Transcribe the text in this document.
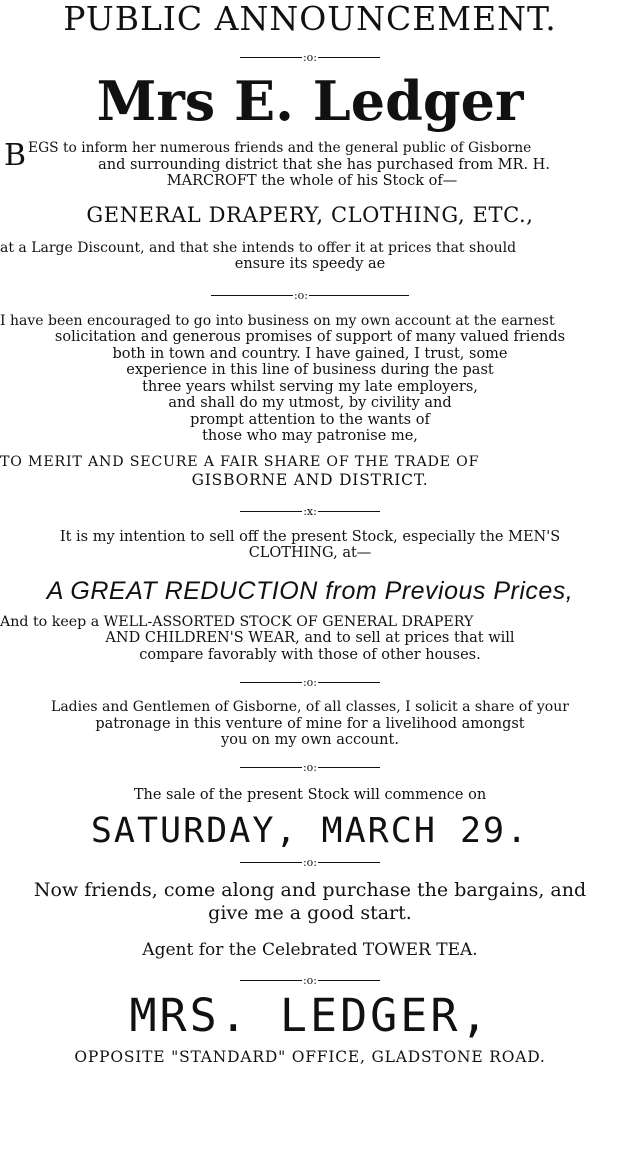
PUBLIC ANNOUNCEMENT.
:o:
Mrs E. Ledger
B EGS to inform her numerous friends and the general public of Gisborne
and surrounding district that she has purchased from MR. H.
MARCROFT the whole of his Stock of—
GENERAL DRAPERY, CLOTHING, ETC.,
at a Large Discount, and that she intends to offer it at prices that should
ensure its speedy ae
:o:
I have been encouraged to go into business on my own account at the earnest
solicitation and generous promises of support of many valued friends
both in town and country. I have gained, I trust, some
experience in this line of business during the past
three years whilst serving my late employers,
and shall do my utmost, by civility and
prompt attention to the wants of
those who may patronise me,
TO MERIT AND SECURE A FAIR SHARE OF THE TRADE OF
GISBORNE AND DISTRICT.
:x:
It is my intention to sell off the present Stock, especially the MEN'S
CLOTHING, at—
A GREAT REDUCTION from Previous Prices,
And to keep a WELL-ASSORTED STOCK OF GENERAL DRAPERY
AND CHILDREN'S WEAR, and to sell at prices that will
compare favorably with those of other houses.
:o:
Ladies and Gentlemen of Gisborne, of all classes, I solicit a share of your
patronage in this venture of mine for a livelihood amongst
you on my own account.
:o:
The sale of the present Stock will commence on
SATURDAY, MARCH 29.
:o:
Now friends, come along and purchase the bargains, and
give me a good start.
Agent for the Celebrated TOWER TEA.
:o:
MRS. LEDGER,
OPPOSITE "STANDARD" OFFICE, GLADSTONE ROAD.
